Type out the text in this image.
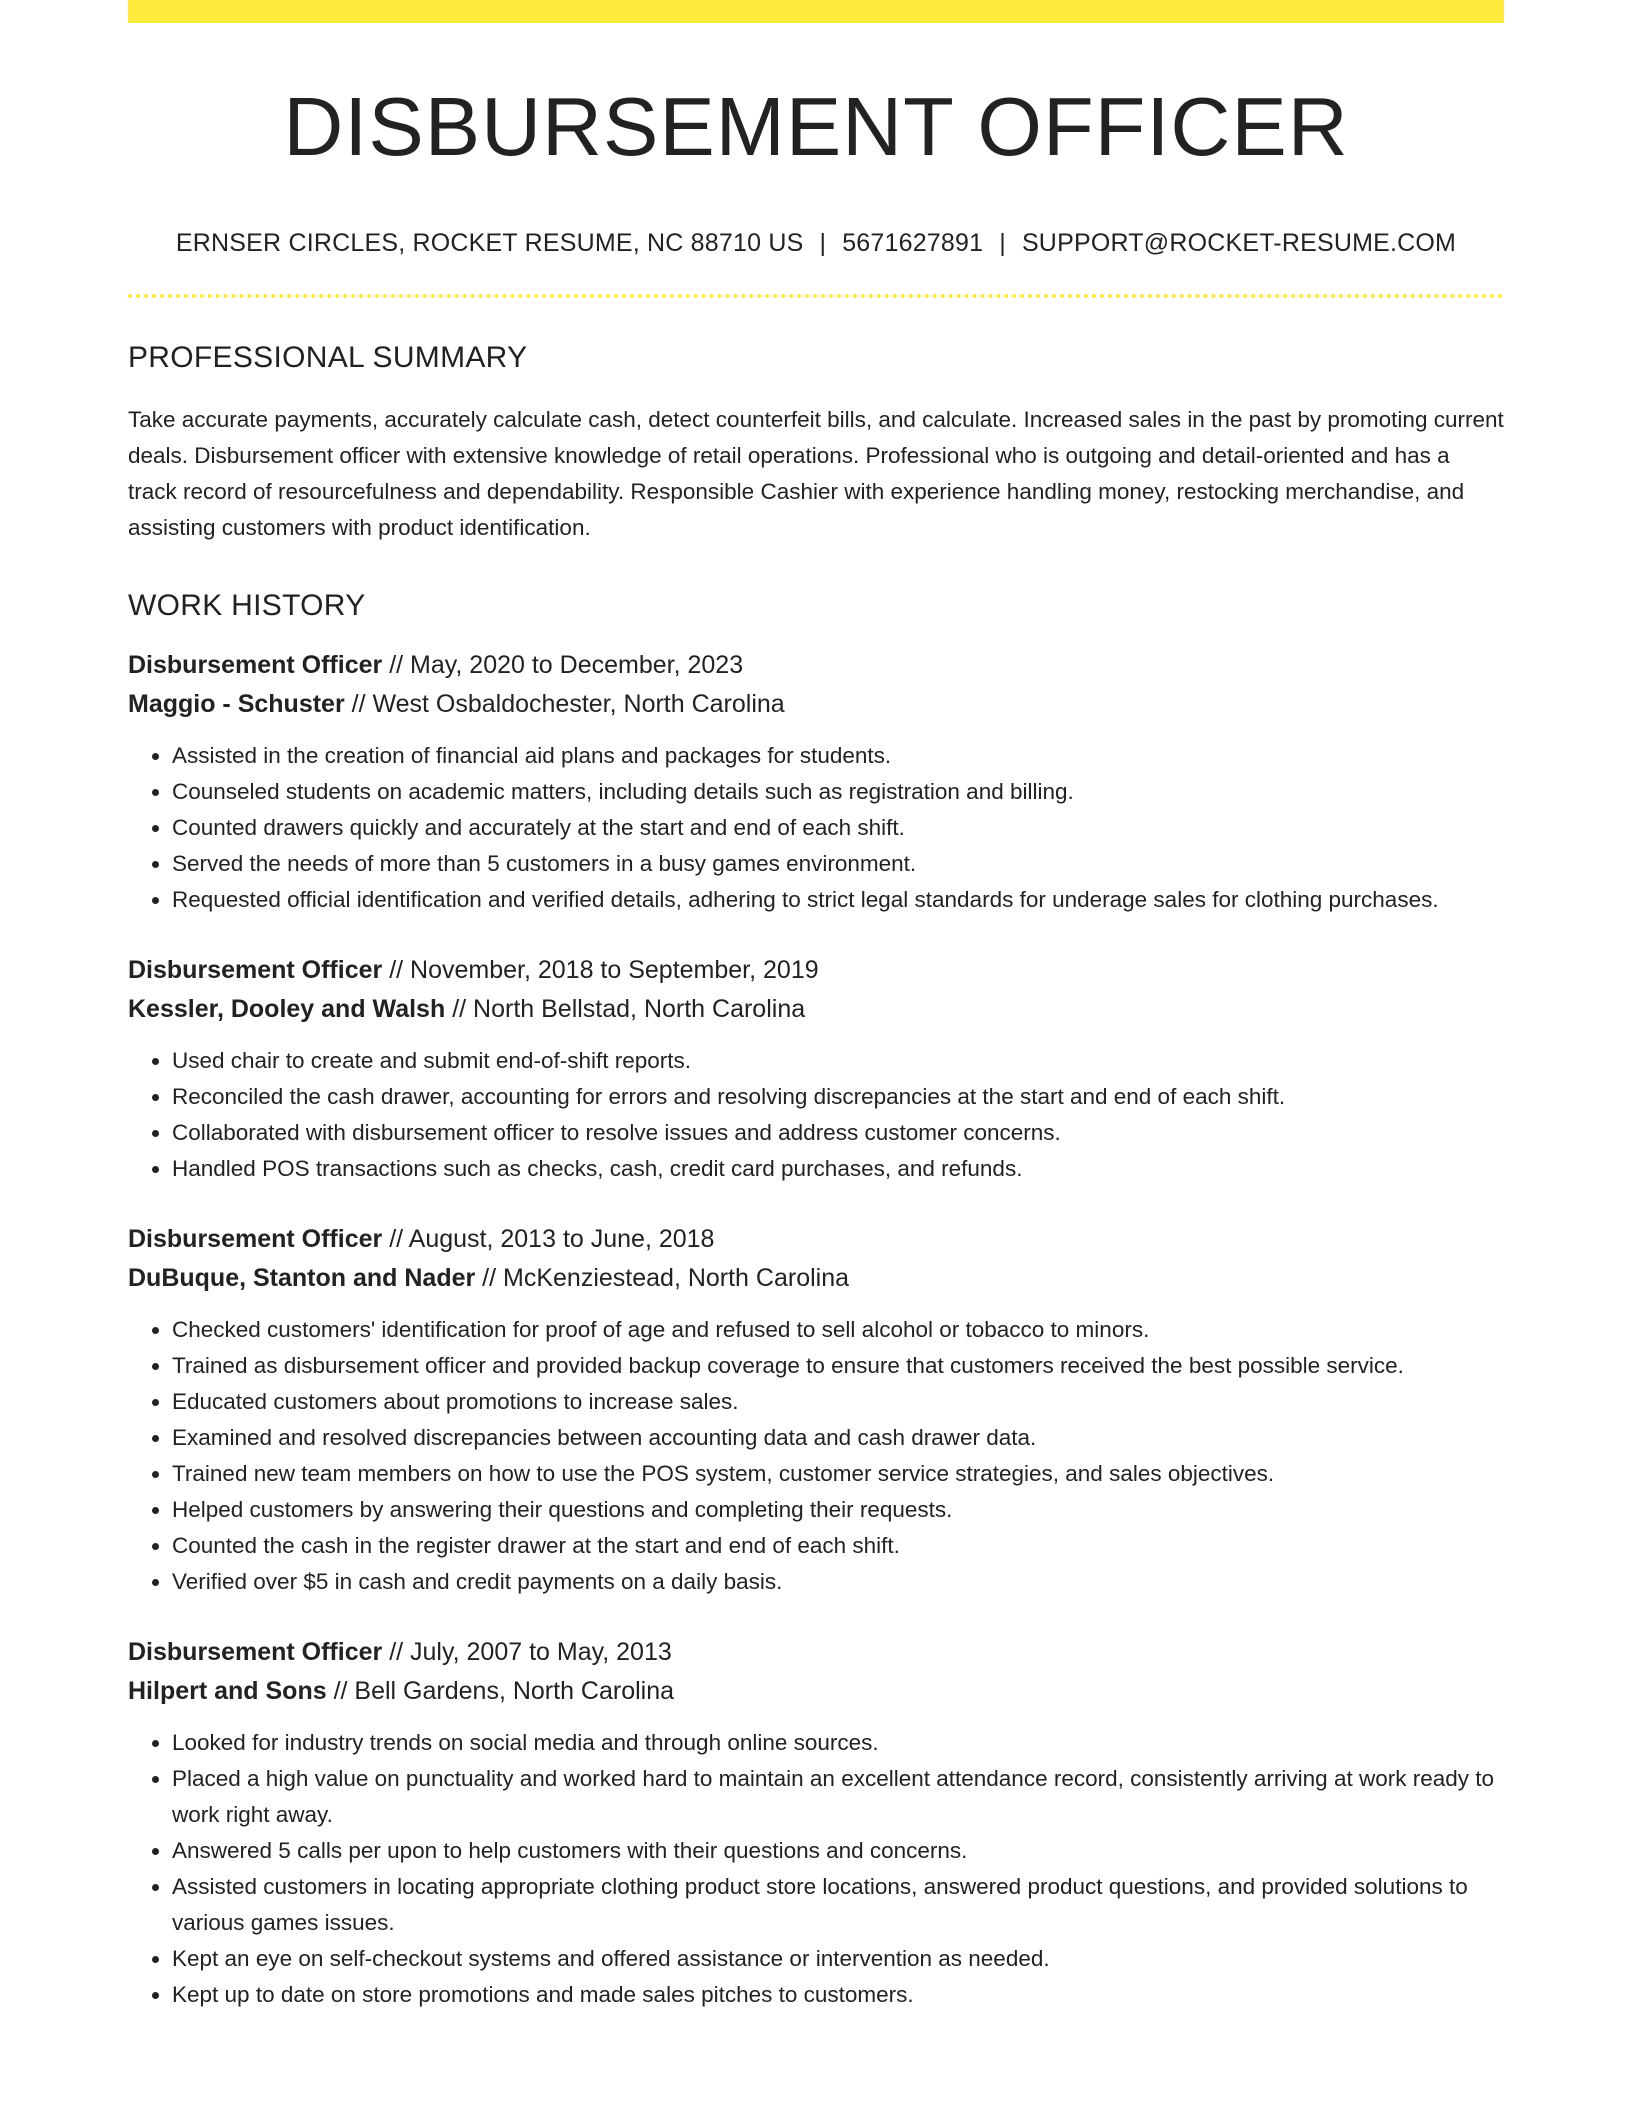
DISBURSEMENT OFFICER
ERNSER CIRCLES, ROCKET RESUME, NC 88710 US | 5671627891 | SUPPORT@ROCKET-RESUME.COM
PROFESSIONAL SUMMARY

Take accurate payments, accurately calculate cash, detect counterfeit bills, and calculate. Increased sales in the past by promoting current deals. Disbursement officer with extensive knowledge of retail operations. Professional who is outgoing and detail-oriented and has a track record of resourcefulness and dependability. Responsible Cashier with experience handling money, restocking merchandise, and assisting customers with product identification.

WORK HISTORY
Disbursement Officer // May, 2020 to December, 2023
Maggio - Schuster // West Osbaldochester, North Carolina
• Assisted in the creation of financial aid plans and packages for students.
• Counseled students on academic matters, including details such as registration and billing.
• Counted drawers quickly and accurately at the start and end of each shift.
• Served the needs of more than 5 customers in a busy games environment.
• Requested official identification and verified details, adhering to strict legal standards for underage sales for clothing purchases.
Disbursement Officer // November, 2018 to September, 2019
Kessler, Dooley and Walsh // North Bellstad, North Carolina
• Used chair to create and submit end-of-shift reports.
• Reconciled the cash drawer, accounting for errors and resolving discrepancies at the start and end of each shift.
• Collaborated with disbursement officer to resolve issues and address customer concerns.
• Handled POS transactions such as checks, cash, credit card purchases, and refunds.
Disbursement Officer // August, 2013 to June, 2018
DuBuque, Stanton and Nader // McKenziestead, North Carolina
• Checked customers' identification for proof of age and refused to sell alcohol or tobacco to minors.
• Trained as disbursement officer and provided backup coverage to ensure that customers received the best possible service.
• Educated customers about promotions to increase sales.
• Examined and resolved discrepancies between accounting data and cash drawer data.
• Trained new team members on how to use the POS system, customer service strategies, and sales objectives.
• Helped customers by answering their questions and completing their requests.
• Counted the cash in the register drawer at the start and end of each shift.
• Verified over $5 in cash and credit payments on a daily basis.
Disbursement Officer // July, 2007 to May, 2013
Hilpert and Sons // Bell Gardens, North Carolina
• Looked for industry trends on social media and through online sources.
• Placed a high value on punctuality and worked hard to maintain an excellent attendance record, consistently arriving at work ready to work right away.
• Answered 5 calls per upon to help customers with their questions and concerns.
• Assisted customers in locating appropriate clothing product store locations, answered product questions, and provided solutions to various games issues.
• Kept an eye on self-checkout systems and offered assistance or intervention as needed.
• Kept up to date on store promotions and made sales pitches to customers.
